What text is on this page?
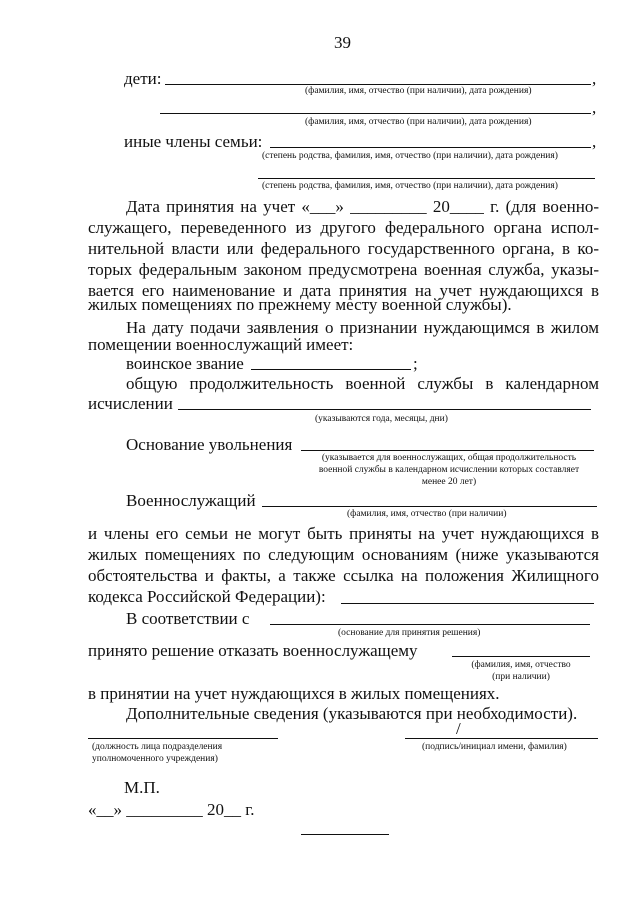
39
дети:	,
(фамилия, имя, отчество (при наличии), дата рождения)
,
(фамилия, имя, отчество (при наличии), дата рождения)
иные члены семьи:	,
(степень родства, фамилия, имя, отчество (при наличии), дата рождения)
(степень родства, фамилия, имя, отчество (при наличии), дата рождения)
Дата принятия на учет «___» _________ 20____ г. (для военно-
служащего, переведенного из другого федерального органа испол-
нительной власти или федерального государственного органа, в ко-
торых федеральным законом предусмотрена военная служба, указы-
вается его наименование и дата принятия на учет нуждающихся в
жилых помещениях по прежнему месту военной службы).
На дату подачи заявления о признании нуждающимся в жилом
помещении военнослужащий имеет:
воинское звание	;
общую продолжительность военной службы в календарном
исчислении
(указываются года, месяцы, дни)
Основание увольнения
(указывается для военнослужащих, общая продолжительность
военной службы в календарном исчислении которых составляет
менее 20 лет)
Военнослужащий
(фамилия, имя, отчество (при наличии)
и члены его семьи не могут быть приняты на учет нуждающихся в
жилых помещениях по следующим основаниям (ниже указываются
обстоятельства и факты, а также ссылка на положения Жилищного
кодекса Российской Федерации):
В соответствии с
(основание для принятия решения)
принято решение отказать военнослужащему
(фамилия, имя, отчество
(при наличии)
в принятии на учет нуждающихся в жилых помещениях.
Дополнительные сведения (указываются при необходимости).
(должность лица подразделения
уполномоченного учреждения)
/
(подпись/инициал имени, фамилия)
М.П.
«__» _________ 20__ г.
